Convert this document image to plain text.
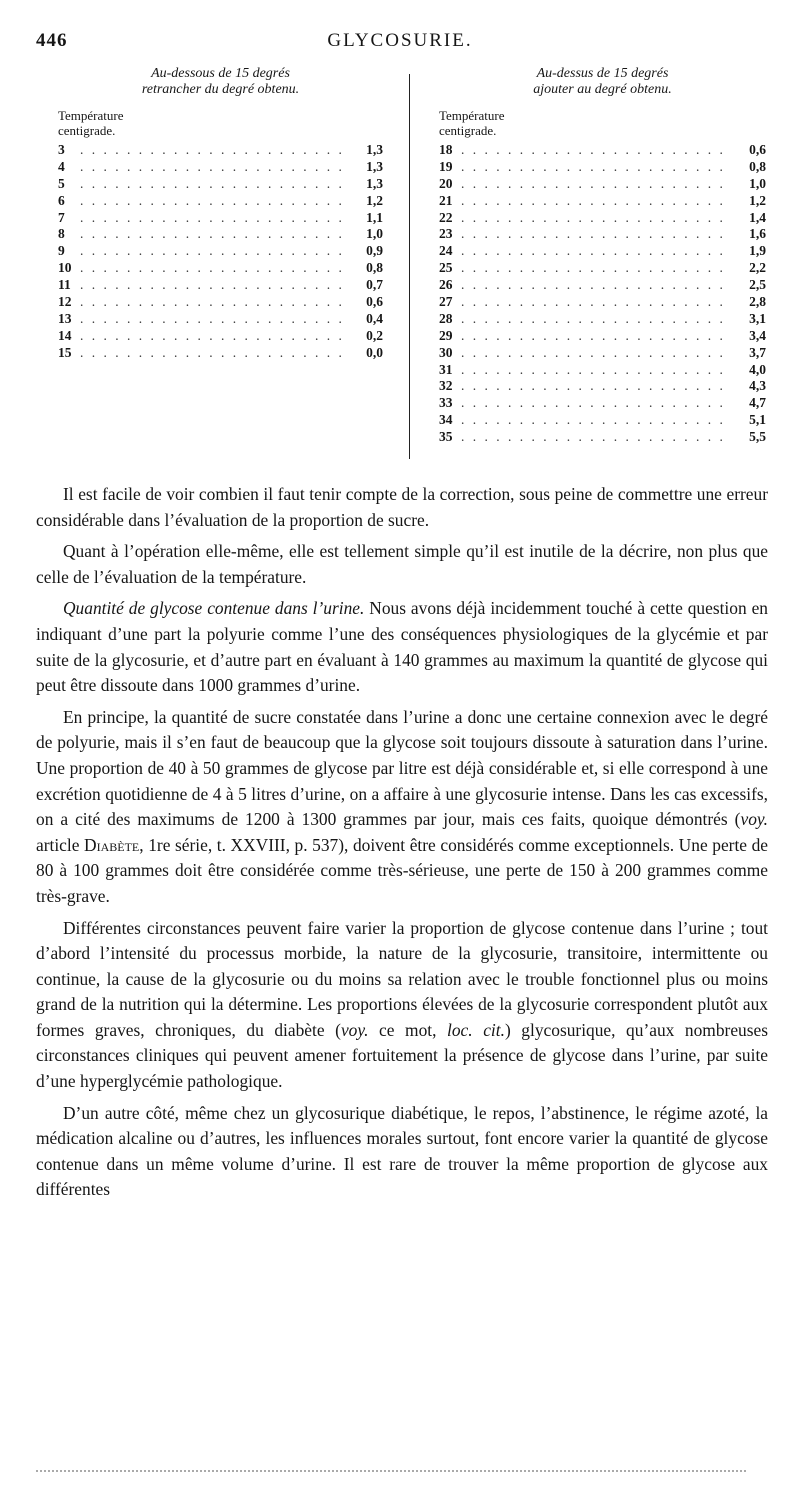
446	GLYCOSURIE.
Au-dessous de 15 degrés
retrancher du degré obtenu.
Température
centigrade.
3 . . .	1,3
4 . . .	1,3
5 . . .	1,3
6 . . .	1,2
7 . . .	1,1
8 . . .	1,0
9 . . .	0,9
10 . . .	0,8
11 . . .	0,7
12 . . .	0,6
13 . . .	0,4
14 . . .	0,2
15 . . .	0,0
Au-dessus de 15 degrés
ajouter au degré obtenu.
Température
centigrade.
18 . . .	0,6
19 . . .	0,8
20 . . .	1,0
21 . . .	1,2
22 . . .	1,4
23 . . .	1,6
24 . . .	1,9
25 . . .	2,2
26 . . .	2,5
27 . . .	2,8
28 . . .	3,1
29 . . .	3,4
30 . . .	3,7
31 . . .	4,0
32 . . .	4,3
33 . . .	4,7
34 . . .	5,1
35 . . .	5,5

Il est facile de voir combien il faut tenir compte de la correction, sous peine de commettre une erreur considérable dans l’évaluation de la proportion de sucre.

Quant à l’opération elle-même, elle est tellement simple qu’il est inutile de la décrire, non plus que celle de l’évaluation de la température.

Quantité de glycose contenue dans l’urine. Nous avons déjà incidemment touché à cette question en indiquant d’une part la polyurie comme l’une des conséquences physiologiques de la glycémie et par suite de la glycosurie, et d’autre part en évaluant à 140 grammes au maximum la quantité de glycose qui peut être dissoute dans 1000 grammes d’urine.

En principe, la quantité de sucre constatée dans l’urine a donc une certaine connexion avec le degré de polyurie, mais il s’en faut de beaucoup que la glycose soit toujours dissoute à saturation dans l’urine. Une proportion de 40 à 50 grammes de glycose par litre est déjà considérable et, si elle correspond à une excrétion quotidienne de 4 à 5 litres d’urine, on a affaire à une glycosurie intense. Dans les cas excessifs, on a cité des maximums de 1200 à 1300 grammes par jour, mais ces faits, quoique démontrés (voy. article Diabète, 1re série, t. XXVIII, p. 537), doivent être considérés comme exceptionnels. Une perte de 80 à 100 grammes doit être considérée comme très-sérieuse, une perte de 150 à 200 grammes comme très-grave.

Différentes circonstances peuvent faire varier la proportion de glycose contenue dans l’urine ; tout d’abord l’intensité du processus morbide, la nature de la glycosurie, transitoire, intermittente ou continue, la cause de la glycosurie ou du moins sa relation avec le trouble fonctionnel plus ou moins grand de la nutrition qui la détermine. Les proportions élevées de la glycosurie correspondent plutôt aux formes graves, chroniques, du diabète (voy. ce mot, loc. cit.) glycosurique, qu’aux nombreuses circonstances cliniques qui peuvent amener fortuitement la présence de glycose dans l’urine, par suite d’une hyperglycémie pathologique.

D’un autre côté, même chez un glycosurique diabétique, le repos, l’abstinence, le régime azoté, la médication alcaline ou d’autres, les influences morales surtout, font encore varier la quantité de glycose contenue dans un même volume d’urine. Il est rare de trouver la même proportion de glycose aux différentes
